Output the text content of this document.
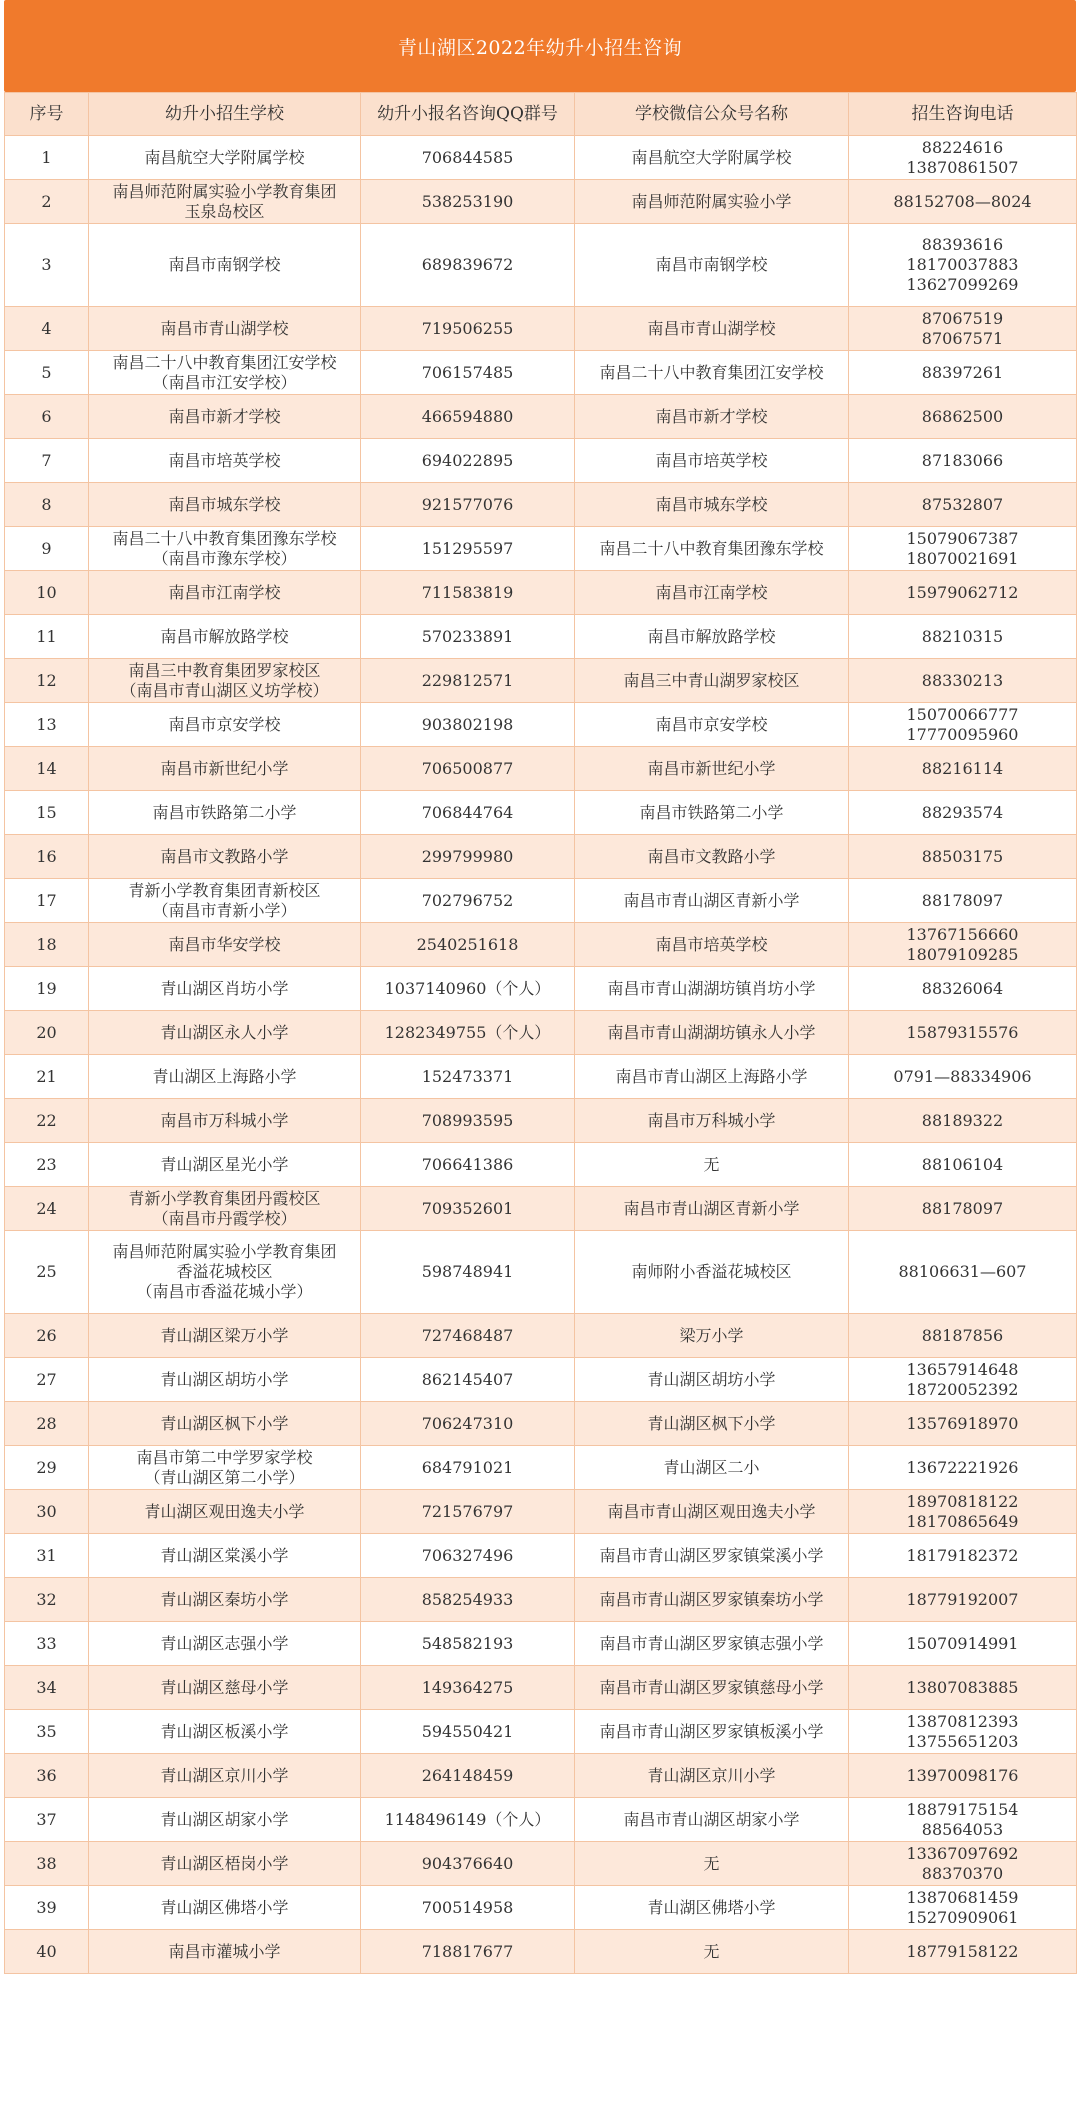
青山湖区2022年幼升小招生咨询
序号	幼升小招生学校	幼升小报名咨询QQ群号	学校微信公众号名称	招生咨询电话
1	南昌航空大学附属学校	706844585	南昌航空大学附属学校	88224616
13870861507
2	南昌师范附属实验小学教育集团
玉泉岛校区	538253190	南昌师范附属实验小学	88152708—8024
3	南昌市南钢学校	689839672	南昌市南钢学校	88393616
18170037883
13627099269
4	南昌市青山湖学校	719506255	南昌市青山湖学校	87067519
87067571
5	南昌二十八中教育集团江安学校
（南昌市江安学校）	706157485	南昌二十八中教育集团江安学校	88397261
6	南昌市新才学校	466594880	南昌市新才学校	86862500
7	南昌市培英学校	694022895	南昌市培英学校	87183066
8	南昌市城东学校	921577076	南昌市城东学校	87532807
9	南昌二十八中教育集团豫东学校
（南昌市豫东学校）	151295597	南昌二十八中教育集团豫东学校	15079067387
18070021691
10	南昌市江南学校	711583819	南昌市江南学校	15979062712
11	南昌市解放路学校	570233891	南昌市解放路学校	88210315
12	南昌三中教育集团罗家校区
（南昌市青山湖区义坊学校）	229812571	南昌三中青山湖罗家校区	88330213
13	南昌市京安学校	903802198	南昌市京安学校	15070066777
17770095960
14	南昌市新世纪小学	706500877	南昌市新世纪小学	88216114
15	南昌市铁路第二小学	706844764	南昌市铁路第二小学	88293574
16	南昌市文教路小学	299799980	南昌市文教路小学	88503175
17	青新小学教育集团青新校区
（南昌市青新小学）	702796752	南昌市青山湖区青新小学	88178097
18	南昌市华安学校	2540251618	南昌市培英学校	13767156660
18079109285
19	青山湖区肖坊小学	1037140960（个人）	南昌市青山湖湖坊镇肖坊小学	88326064
20	青山湖区永人小学	1282349755（个人）	南昌市青山湖湖坊镇永人小学	15879315576
21	青山湖区上海路小学	152473371	南昌市青山湖区上海路小学	0791—88334906
22	南昌市万科城小学	708993595	南昌市万科城小学	88189322
23	青山湖区星光小学	706641386	无	88106104
24	青新小学教育集团丹霞校区
（南昌市丹霞学校）	709352601	南昌市青山湖区青新小学	88178097
25	南昌师范附属实验小学教育集团
香溢花城校区
（南昌市香溢花城小学）	598748941	南师附小香溢花城校区	88106631—607
26	青山湖区梁万小学	727468487	梁万小学	88187856
27	青山湖区胡坊小学	862145407	青山湖区胡坊小学	13657914648
18720052392
28	青山湖区枫下小学	706247310	青山湖区枫下小学	13576918970
29	南昌市第二中学罗家学校
（青山湖区第二小学）	684791021	青山湖区二小	13672221926
30	青山湖区观田逸夫小学	721576797	南昌市青山湖区观田逸夫小学	18970818122
18170865649
31	青山湖区棠溪小学	706327496	南昌市青山湖区罗家镇棠溪小学	18179182372
32	青山湖区秦坊小学	858254933	南昌市青山湖区罗家镇秦坊小学	18779192007
33	青山湖区志强小学	548582193	南昌市青山湖区罗家镇志强小学	15070914991
34	青山湖区慈母小学	149364275	南昌市青山湖区罗家镇慈母小学	13807083885
35	青山湖区板溪小学	594550421	南昌市青山湖区罗家镇板溪小学	13870812393
13755651203
36	青山湖区京川小学	264148459	青山湖区京川小学	13970098176
37	青山湖区胡家小学	1148496149（个人）	南昌市青山湖区胡家小学	18879175154
88564053
38	青山湖区梧岗小学	904376640	无	13367097692
88370370
39	青山湖区佛塔小学	700514958	青山湖区佛塔小学	13870681459
15270909061
40	南昌市灌城小学	718817677	无	18779158122
